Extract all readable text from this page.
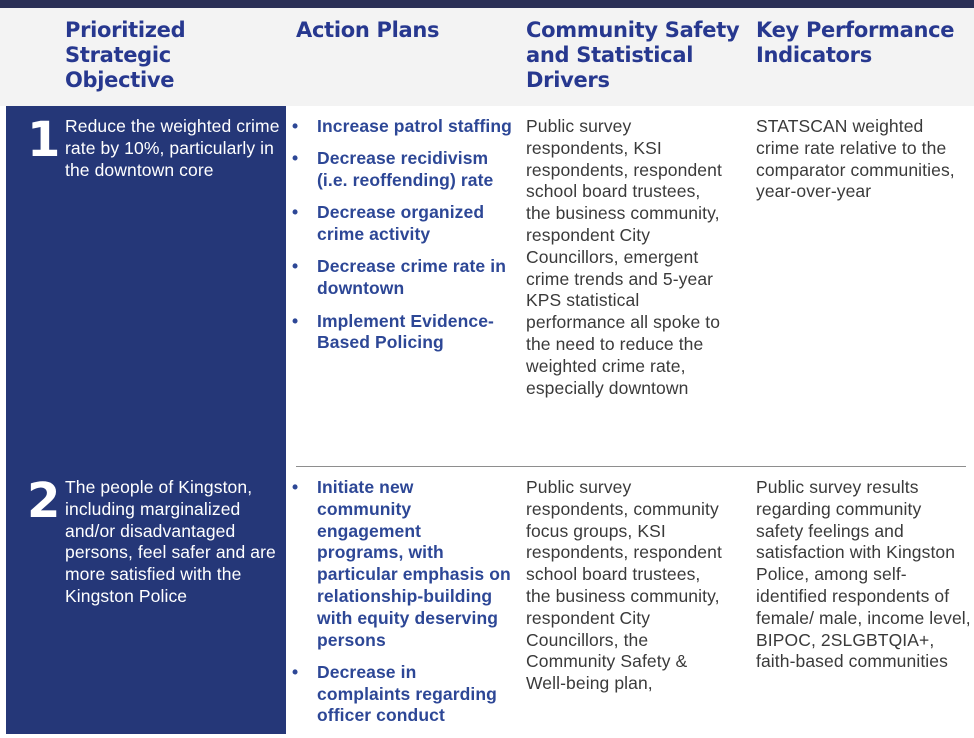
Prioritized Strategic Objective
Action Plans	Community Safety and Statistical Drivers
Key Performance Indicators
1 Reduce the weighted crime rate by 10%, particularly in the downtown core
• Increase patrol staffing
• Decrease recidivism (i.e. reoffending) rate
• Decrease organized crime activity
• Decrease crime rate in downtown
• Implement Evidence-Based Policing
Public survey respondents, KSI respondents, respondent school board trustees, the business community, respondent City Councillors, emergent crime trends and 5-year KPS statistical performance all spoke to the need to reduce the weighted crime rate, especially downtown
STATSCAN weighted crime rate relative to the comparator communities, year-over-year
2 The people of Kingston, including marginalized and/or disadvantaged persons, feel safer and are more satisfied with the Kingston Police
• Initiate new community engagement programs, with particular emphasis on relationship-building with equity deserving persons
• Decrease in complaints regarding officer conduct
Public survey respondents, community focus groups, KSI respondents, respondent school board trustees, the business community, respondent City Councillors, the Community Safety & Well-being plan,
Public survey results regarding community safety feelings and satisfaction with Kingston Police, among self-identified respondents of female/ male, income level, BIPOC, 2SLGBTQIA+, faith-based communities
